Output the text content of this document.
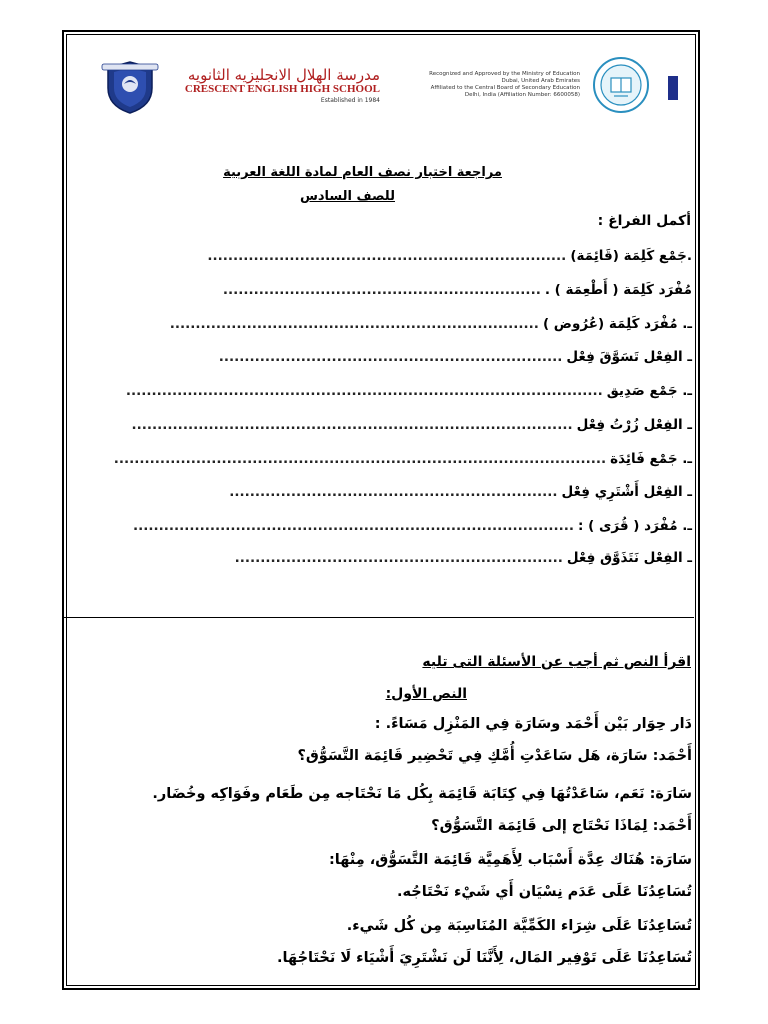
مدرسة الهلال الانجليزيه الثانويه
CRESCENT ENGLISH HIGH SCHOOL
Established in 1984
Recognized and Approved by the Ministry of Education
Dubai, United Arab Emirates
Affiliated to the Central Board of Secondary Education
Delhi, India (Affiliation Number: 6600058)
مراجعة اختبار نصف العام لمادة اللغة العربية
للصف السادس
أكمل الفراغ :
.جَمْع كَلِمَة (قَائِمَة)
......................................................................
مُفْرَد كَلِمَة ( أَطْعِمَة ) .
..............................................................
ـ. مُفْرَد كَلِمَة (عُرُوض )
........................................................................
ـ الفِعْل تَسَوَّقَ فِعْل
...................................................................
ـ. جَمْع صَدِيق
.............................................................................................
ـ الفِعْل زُرْتُ فِعْل
......................................................................................
ـ. جَمْع فَائِدَة
................................................................................................
ـ الفِعْل أَشْتَرِي فِعْل
................................................................
ـ. مُفْرَد ( قُرَى ) :
......................................................................................
ـ الفِعْل نَتَذَوَّق فِعْل
................................................................
اقرأ النص ثم أجب عن الأسئلة التى تليه
النص الأول:
دَار حِوَار بَيْن أَحْمَد وسَارَة فِي المَنْزِل مَسَاءً. :
أَحْمَد: سَارَة، هَل سَاعَدْتِ أُمَّكِ فِي تَحْضِير قَائِمَة التَّسَوُّق؟
سَارَة: نَعَم، سَاعَدْتُهَا فِي كِتَابَة قَائِمَة بِكُل مَا نَحْتَاجه مِن طَعَام وفَوَاكِه وخُضَار.
أَحْمَد: لِمَاذَا نَحْتَاج إلى قَائِمَة التَّسَوُّق؟
سَارَة: هُنَاك عِدَّة أَسْبَاب لِأَهَمِيَّة قَائِمَة التَّسَوُّق، مِنْهَا:
تُسَاعِدُنَا عَلَى عَدَم نِسْيَان أَي شَيْء نَحْتَاجُه.
تُسَاعِدُنَا عَلَى شِرَاء الكَمِّيَّة المُنَاسِبَة مِن كُل شَيء.
تُسَاعِدُنَا عَلَى تَوْفِير المَال، لِأَنَّنَا لَن نَشْتَرِيَ أَشْيَاء لَا نَحْتَاجُهَا.
